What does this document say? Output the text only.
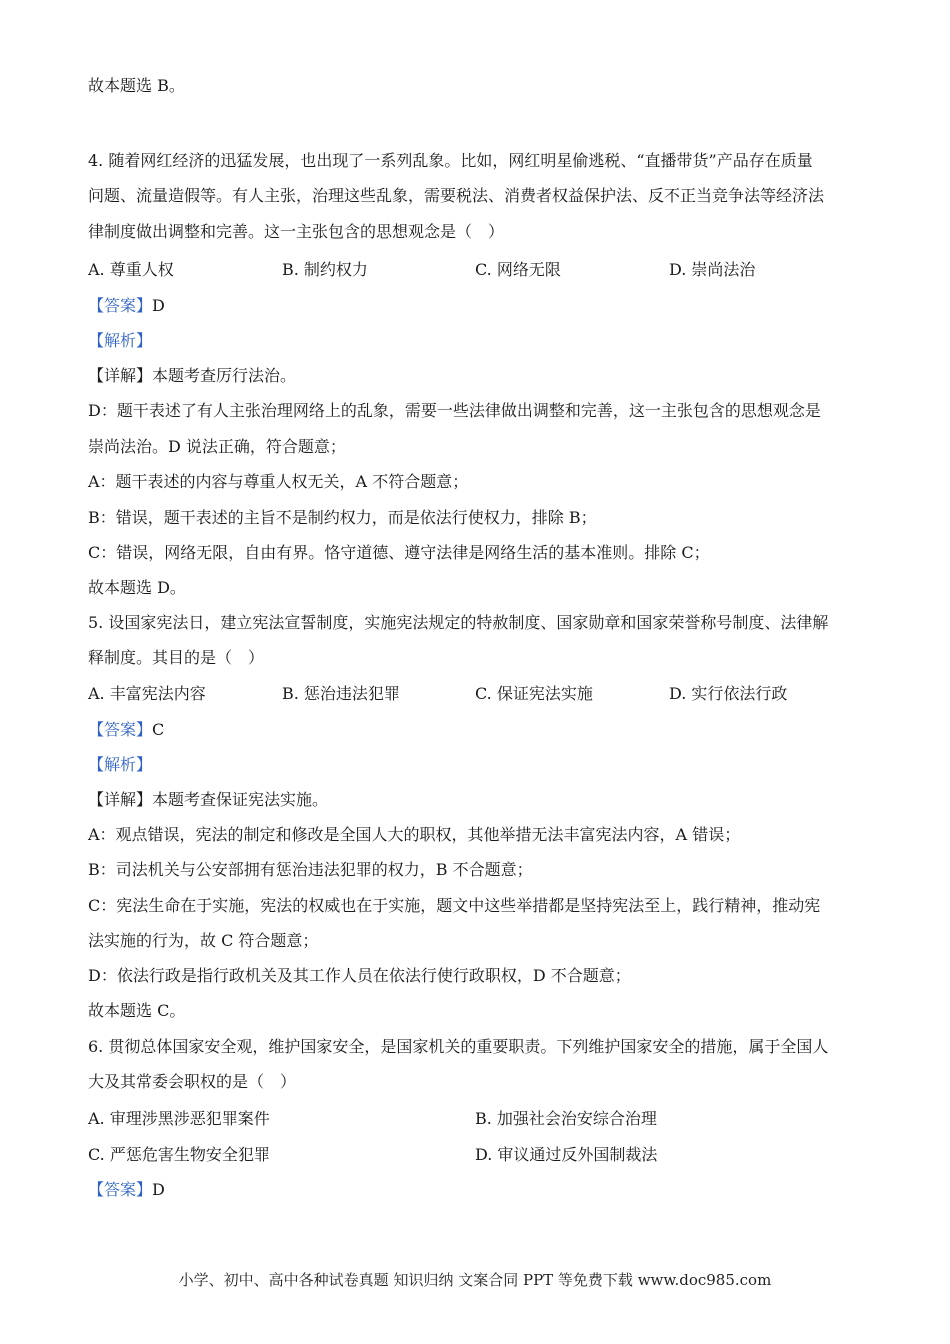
故本题选 B。
4. 随着网红经济的迅猛发展，也出现了一系列乱象。比如，网红明星偷逃税、“直播带货”产品存在质量
问题、流量造假等。有人主张，治理这些乱象，需要税法、消费者权益保护法、反不正当竞争法等经济法
律制度做出调整和完善。这一主张包含的思想观念是（　）
A. 尊重人权	B. 制约权力	C. 网络无限	D. 崇尚法治
【答案】D
【解析】
【详解】本题考查厉行法治。
D：题干表述了有人主张治理网络上的乱象，需要一些法律做出调整和完善，这一主张包含的思想观念是
崇尚法治。D 说法正确，符合题意；
A：题干表述的内容与尊重人权无关，A 不符合题意；
B：错误，题干表述的主旨不是制约权力，而是依法行使权力，排除 B；
C：错误，网络无限，自由有界。恪守道德、遵守法律是网络生活的基本准则。排除 C；
故本题选 D。
5. 设国家宪法日，建立宪法宣誓制度，实施宪法规定的特赦制度、国家勋章和国家荣誉称号制度、法律解
释制度。其目的是（　）
A. 丰富宪法内容	B. 惩治违法犯罪	C. 保证宪法实施	D. 实行依法行政
【答案】C
【解析】
【详解】本题考查保证宪法实施。
A：观点错误，宪法的制定和修改是全国人大的职权，其他举措无法丰富宪法内容，A 错误；
B：司法机关与公安部拥有惩治违法犯罪的权力，B 不合题意；
C：宪法生命在于实施，宪法的权威也在于实施，题文中这些举措都是坚持宪法至上，践行精神，推动宪
法实施的行为，故 C 符合题意；
D：依法行政是指行政机关及其工作人员在依法行使行政职权，D 不合题意；
故本题选 C。
6. 贯彻总体国家安全观，维护国家安全，是国家机关的重要职责。下列维护国家安全的措施，属于全国人
大及其常委会职权的是（　）
A. 审理涉黑涉恶犯罪案件	B. 加强社会治安综合治理
C. 严惩危害生物安全犯罪	D. 审议通过反外国制裁法
【答案】D
小学、初中、高中各种试卷真题 知识归纳 文案合同 PPT 等免费下载 www.doc985.com
